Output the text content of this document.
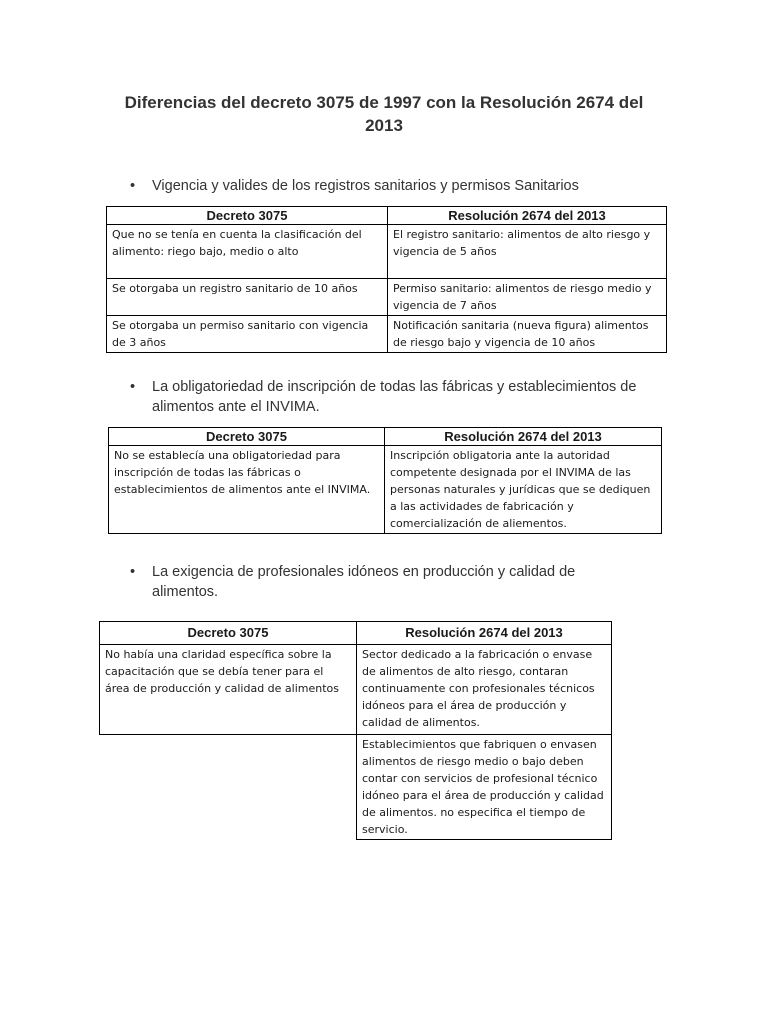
Diferencias del decreto 3075 de 1997 con la Resolución 2674 del 2013
• Vigencia y valides de los registros sanitarios y permisos Sanitarios
Decreto 3075	Resolución 2674 del 2013
Que no se tenía en cuenta la clasificación del alimento: riego bajo, medio o alto	El registro sanitario: alimentos de alto riesgo y vigencia de 5 años
Se otorgaba un registro sanitario de 10 años	Permiso sanitario: alimentos de riesgo medio y vigencia de 7 años
Se otorgaba un permiso sanitario con vigencia de 3 años	Notificación sanitaria (nueva figura) alimentos de riesgo bajo y vigencia de 10 años
• La obligatoriedad de inscripción de todas las fábricas y establecimientos de alimentos ante el INVIMA.
Decreto 3075	Resolución 2674 del 2013
No se establecía una obligatoriedad para inscripción de todas las fábricas o establecimientos de alimentos ante el INVIMA.	Inscripción obligatoria ante la autoridad competente designada por el INVIMA de las personas naturales y jurídicas que se dediquen a las actividades de fabricación y comercialización de aliementos.
• La exigencia de profesionales idóneos en producción y calidad de alimentos.
Decreto 3075	Resolución 2674 del 2013
No había una claridad específica sobre la capacitación que se debía tener para el área de producción y calidad de alimentos	Sector dedicado a la fabricación o envase de alimentos de alto riesgo, contaran continuamente con profesionales técnicos idóneos para el área de producción y calidad de alimentos.
	Establecimientos que fabriquen o envasen alimentos de riesgo medio o bajo deben contar con servicios de profesional técnico idóneo para el área de producción y calidad de alimentos. no especifica el tiempo de servicio.
